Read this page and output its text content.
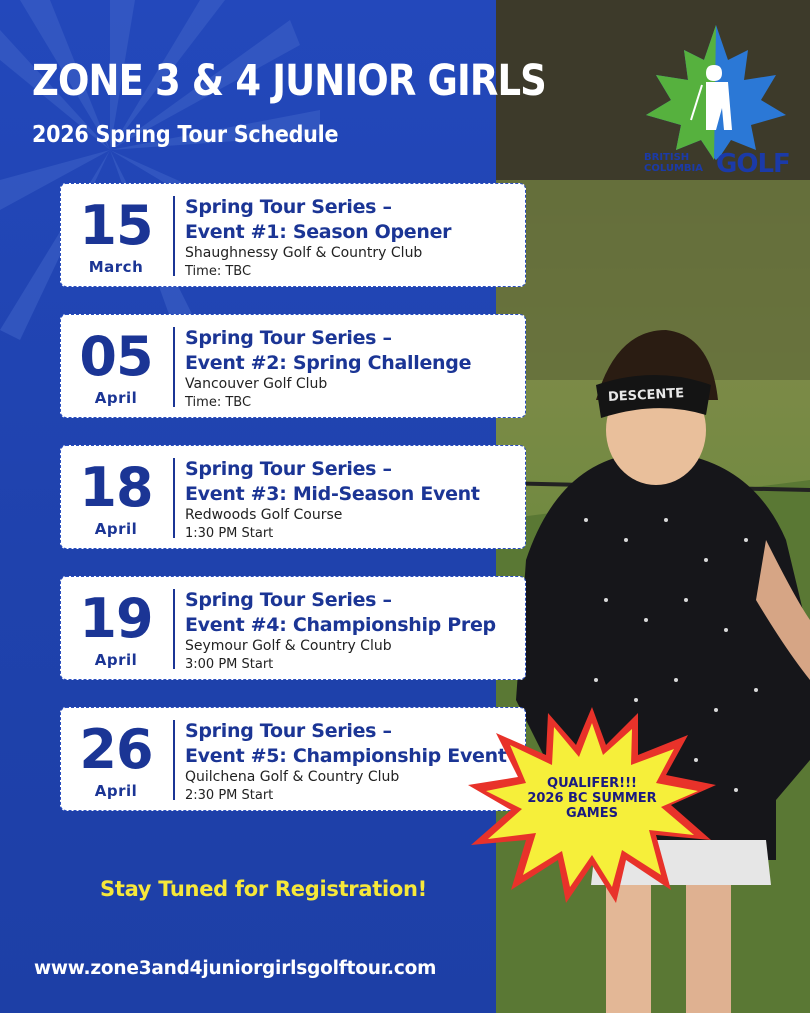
ZONE 3 & 4 JUNIOR GIRLS
2026 Spring Tour Schedule
BRITISH
COLUMBIA GOLF
15
March
Spring Tour Series –
Event #1: Season Opener
Shaughnessy Golf & Country Club
Time: TBC
05
April
Spring Tour Series –
Event #2: Spring Challenge
Vancouver Golf Club
Time: TBC
18
April
Spring Tour Series –
Event #3: Mid-Season Event
Redwoods Golf Course
1:30 PM Start
19
April
Spring Tour Series –
Event #4: Championship Prep
Seymour Golf & Country Club
3:00 PM Start
26
April
Spring Tour Series –
Event #5: Championship Event
Quilchena Golf & Country Club
2:30 PM Start
QUALIFER!!!
2026 BC SUMMER
GAMES
DESCENTE
Stay Tuned for Registration!
www.zone3and4juniorgirlsgolftour.com
